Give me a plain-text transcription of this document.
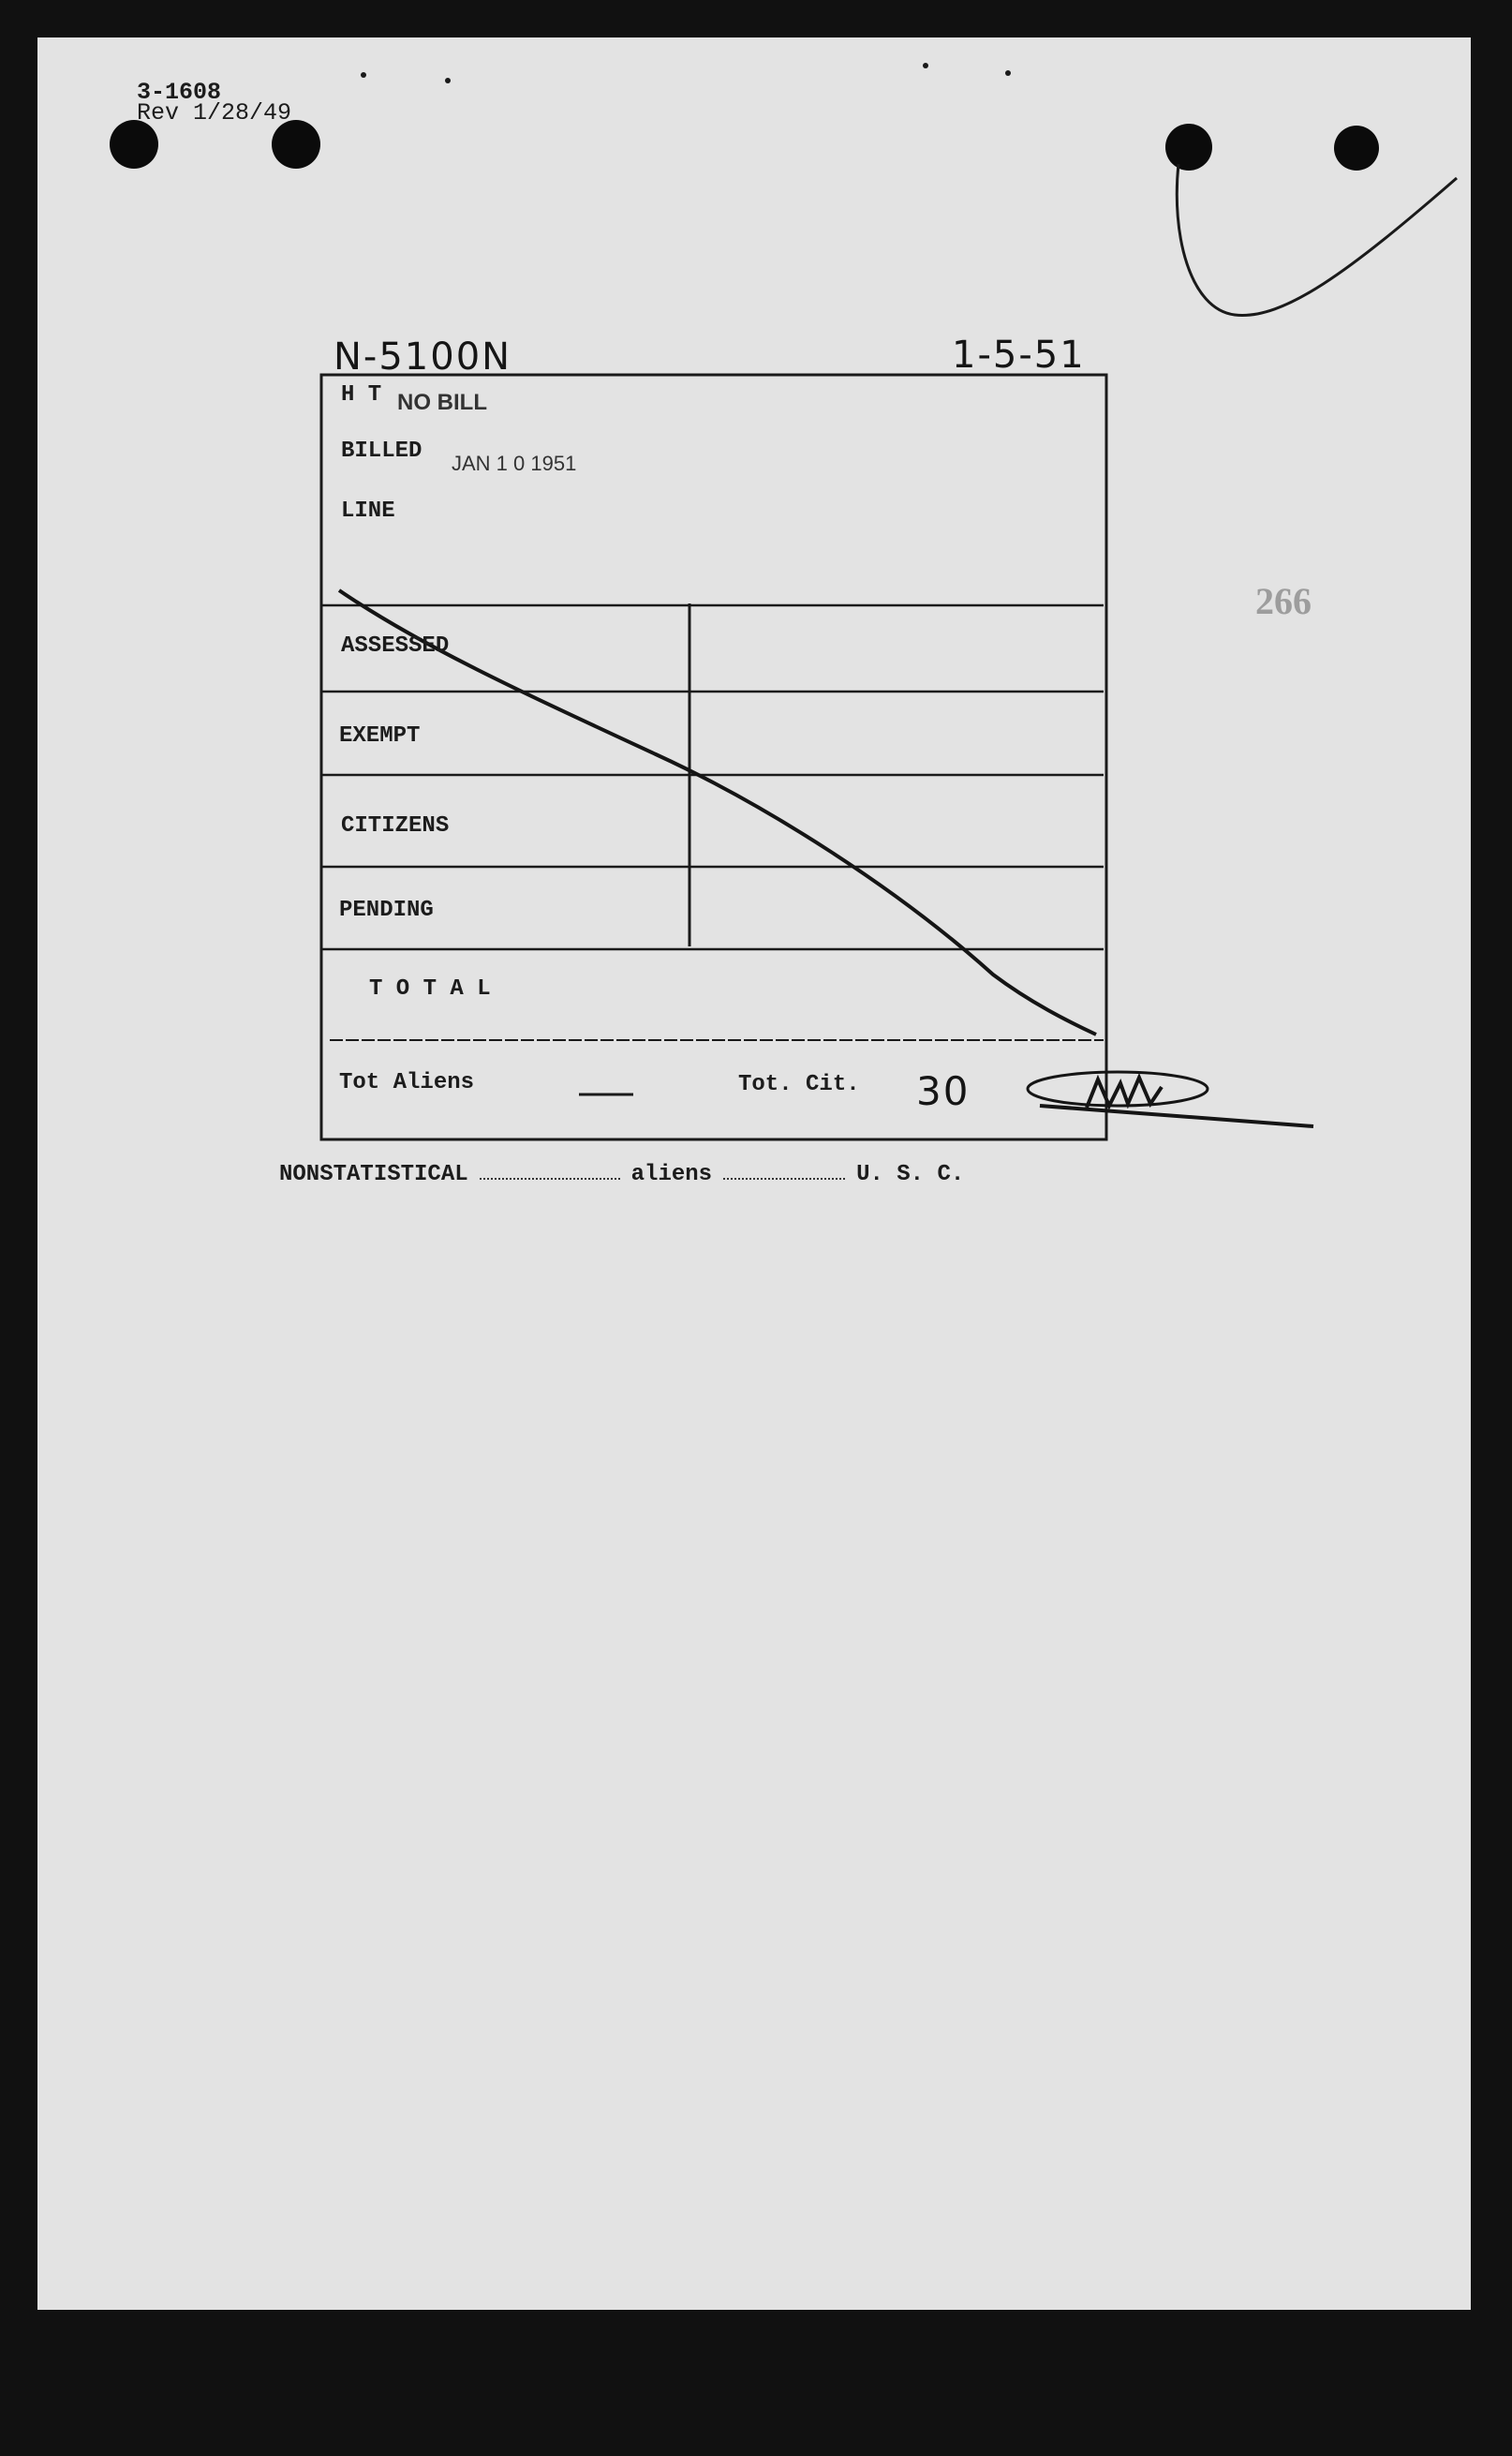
3-1608
Rev 1/28/49
N-5100N	1-5-51
266
NO BILL
JAN 1 0 1951
H T
BILLED
LINE
ASSESSED
EXEMPT
CITIZENS
PENDING
T O T A L
Tot Aliens	Tot. Cit. 30
NONSTATISTICAL	aliens	U. S. C.
